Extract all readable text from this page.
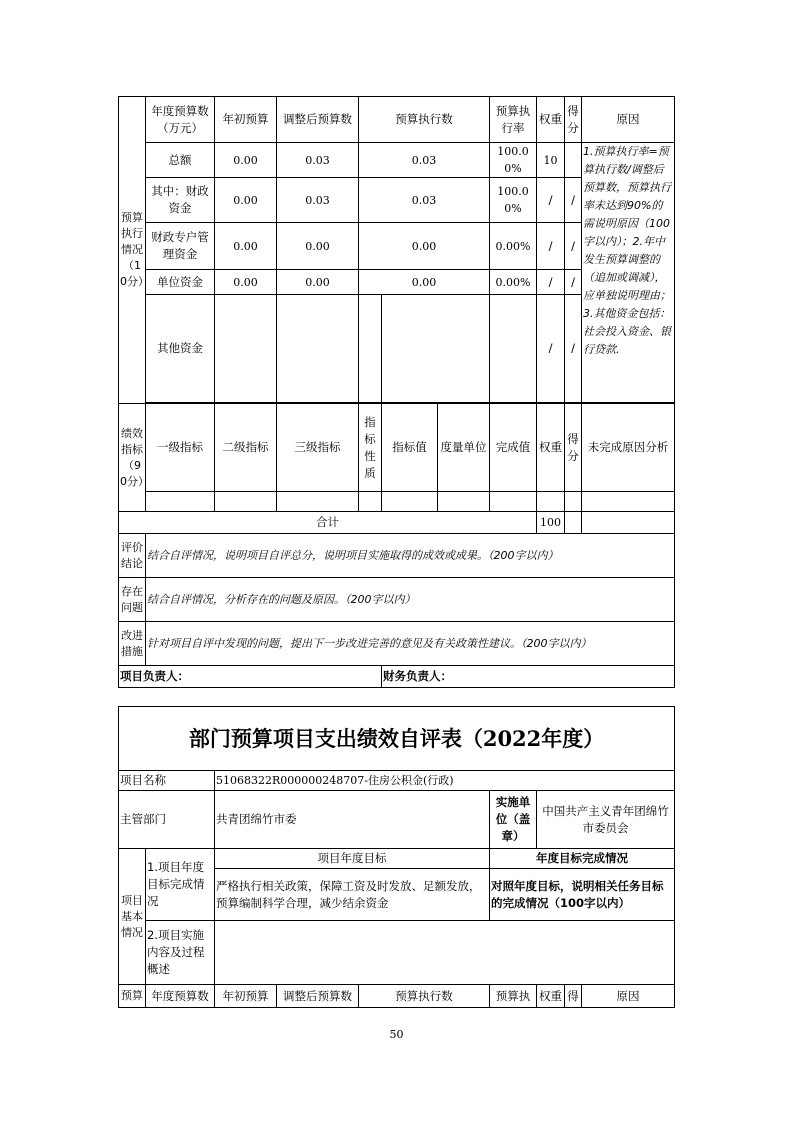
预算执行情况（10分）	年度预算数（万元）	年初预算	调整后预算数	预算执行数			预算执行率	权重	得分	原因
	总额	0.00	0.03	0.03			100.00%	10		1.预算执行率=预算执行数/调整后预算数，预算执行率未达到90%的需说明原因（100字以内）；2.年中发生预算调整的（追加或调减），应单独说明理由；3.其他资金包括：社会投入资金、银行贷款.
	其中：财政资金	0.00	0.03	0.03			100.00%	/	/	
	财政专户管理资金	0.00	0.00	0.00			0.00%	/	/	
	单位资金	0.00	0.00	0.00			0.00%	/	/	
	其他资金							/	/	

绩效指标（90分）	一级指标	二级指标	三级指标	指标性质	指标值	度量单位	完成值	权重	得分	未完成原因分析

合计								100		
评价结论	结合自评情况，说明项目自评总分，说明项目实施取得的成效或成果。（200字以内）									
存在问题	结合自评情况，分析存在的问题及原因。（200字以内）									
改进措施	针对项目自评中发现的问题，提出下一步改进完善的意见及有关政策性建议。（200字以内）									
项目负责人：					财务负责人：					
部门预算项目支出绩效自评表（2022年度）								
项目名称		51068322R000000248707-住房公积金(行政)						
主管部门		共青团绵竹市委			实施单位（盖章）	中国共产主义青年团绵竹市委员会		
项目基本情况	1.项目年度目标完成情况	项目年度目标			年度目标完成情况			
		严格执行相关政策，保障工资及时发放、足额发放，预算编制科学合理，减少结余资金			对照年度目标，说明相关任务目标的完成情况（100字以内）			
	2.项目实施内容及过程概述							
预算	年度预算数	年初预算	调整后预算数	预算执行数	预算执	权重	得	原因
50
